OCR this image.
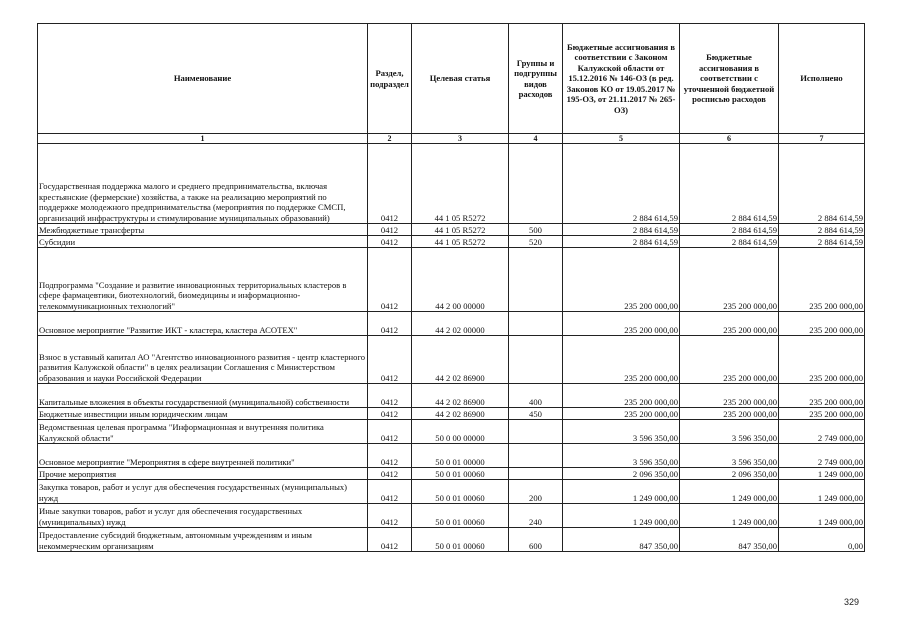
Наименование	Раздел, подраздел	Целевая статья	Группы и подгруппы видов расходов	Бюджетные ассигнования в соответствии с Законом Калужской области от 15.12.2016 № 146-ОЗ (в ред. Законов КО от 19.05.2017 № 195-ОЗ, от 21.11.2017 № 265-ОЗ)	Бюджетные ассигнования в соответствии с уточненной бюджетной росписью расходов	Исполнено
1	2	3	4	5	6	7
Государственная поддержка малого и среднего предпринимательства, включая крестьянские (фермерские) хозяйства, а также на реализацию мероприятий по поддержке молодежного предпринимательства (мероприятия по поддержке СМСП, организаций инфраструктуры и стимулирование муниципальных образований)	0412	44 1 05 R5272		2 884 614,59	2 884 614,59	2 884 614,59
Межбюджетные трансферты	0412	44 1 05 R5272	500	2 884 614,59	2 884 614,59	2 884 614,59
Субсидии	0412	44 1 05 R5272	520	2 884 614,59	2 884 614,59	2 884 614,59
Подпрограмма "Создание и развитие инновационных территориальных кластеров в сфере фармацевтики, биотехнологий, биомедицины и информационно-телекоммуникационных технологий"	0412	44 2 00 00000		235 200 000,00	235 200 000,00	235 200 000,00
Основное мероприятие "Развитие ИКТ - кластера, кластера АСОТЕХ"	0412	44 2 02 00000		235 200 000,00	235 200 000,00	235 200 000,00
Взнос в уставный капитал АО "Агентство инновационного развития - центр кластерного развития Калужской области" в целях реализации Соглашения с Министерством образования и науки Российской Федерации	0412	44 2 02 86900		235 200 000,00	235 200 000,00	235 200 000,00
Капитальные вложения в объекты государственной (муниципальной) собственности	0412	44 2 02 86900	400	235 200 000,00	235 200 000,00	235 200 000,00
Бюджетные инвестиции иным юридическим лицам	0412	44 2 02 86900	450	235 200 000,00	235 200 000,00	235 200 000,00
Ведомственная целевая программа "Информационная и внутренняя политика Калужской области"	0412	50 0 00 00000		3 596 350,00	3 596 350,00	2 749 000,00
Основное мероприятие "Мероприятия в сфере внутренней политики"	0412	50 0 01 00000		3 596 350,00	3 596 350,00	2 749 000,00
Прочие мероприятия	0412	50 0 01 00060		2 096 350,00	2 096 350,00	1 249 000,00
Закупка товаров, работ и услуг для обеспечения государственных (муниципальных) нужд	0412	50 0 01 00060	200	1 249 000,00	1 249 000,00	1 249 000,00
Иные закупки товаров, работ и услуг для обеспечения государственных (муниципальных) нужд	0412	50 0 01 00060	240	1 249 000,00	1 249 000,00	1 249 000,00
Предоставление субсидий бюджетным, автономным учреждениям и иным некоммерческим организациям	0412	50 0 01 00060	600	847 350,00	847 350,00	0,00
329
